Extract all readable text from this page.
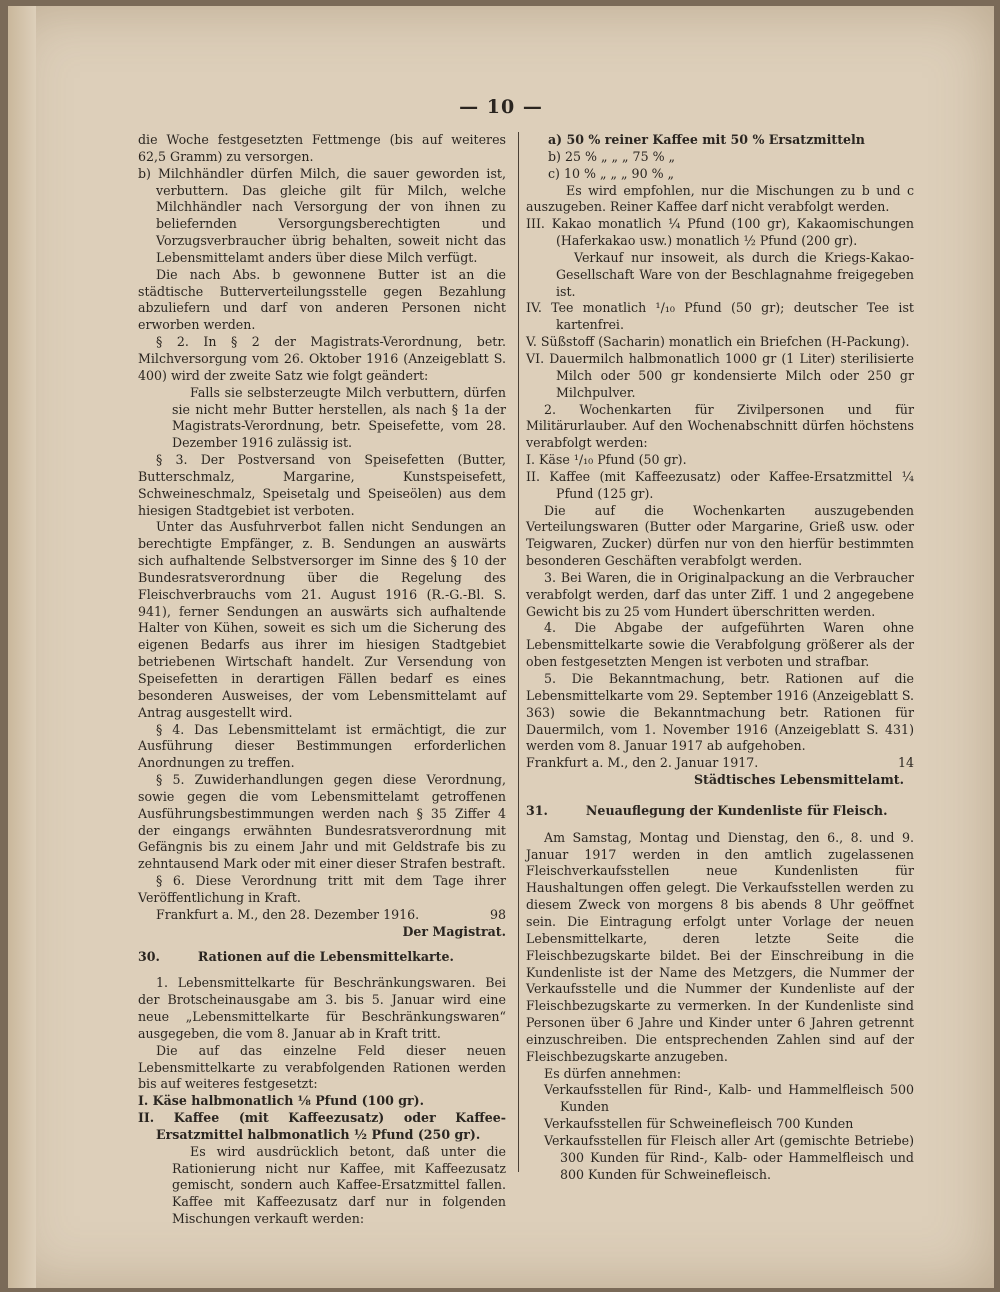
— 10 —

die Woche festgesetzten Fettmenge (bis auf weiteres 62,5 Gramm) zu versorgen.

b) Milchhändler dürfen Milch, die sauer geworden ist, verbuttern. Das gleiche gilt für Milch, welche Milchhändler nach Versorgung der von ihnen zu beliefernden Versorgungsberechtigten und Vorzugsverbraucher übrig behalten, soweit nicht das Lebensmittelamt anders über diese Milch verfügt.

Die nach Abs. b gewonnene Butter ist an die städtische Butterverteilungsstelle gegen Bezahlung abzuliefern und darf von anderen Personen nicht erworben werden.

§ 2. In § 2 der Magistrats-Verordnung, betr. Milchversorgung vom 26. Oktober 1916 (Anzeigeblatt S. 400) wird der zweite Satz wie folgt geändert:

Falls sie selbsterzeugte Milch verbuttern, dürfen sie nicht mehr Butter herstellen, als nach § 1a der Magistrats-Verordnung, betr. Speisefette, vom 28. Dezember 1916 zulässig ist.

§ 3. Der Postversand von Speisefetten (Butter, Butterschmalz, Margarine, Kunstspeisefett, Schweineschmalz, Speisetalg und Speiseölen) aus dem hiesigen Stadtgebiet ist verboten.

Unter das Ausfuhrverbot fallen nicht Sendungen an berechtigte Empfänger, z. B. Sendungen an auswärts sich aufhaltende Selbstversorger im Sinne des § 10 der Bundesratsverordnung über die Regelung des Fleischverbrauchs vom 21. August 1916 (R.-G.-Bl. S. 941), ferner Sendungen an auswärts sich aufhaltende Halter von Kühen, soweit es sich um die Sicherung des eigenen Bedarfs aus ihrer im hiesigen Stadtgebiet betriebenen Wirtschaft handelt. Zur Versendung von Speisefetten in derartigen Fällen bedarf es eines besonderen Ausweises, der vom Lebensmittelamt auf Antrag ausgestellt wird.

§ 4. Das Lebensmittelamt ist ermächtigt, die zur Ausführung dieser Bestimmungen erforderlichen Anordnungen zu treffen.

§ 5. Zuwiderhandlungen gegen diese Verordnung, sowie gegen die vom Lebensmittelamt getroffenen Ausführungsbestimmungen werden nach § 35 Ziffer 4 der eingangs erwähnten Bundesratsverordnung mit Gefängnis bis zu einem Jahr und mit Geldstrafe bis zu zehntausend Mark oder mit einer dieser Strafen bestraft.

§ 6. Diese Verordnung tritt mit dem Tage ihrer Veröffentlichung in Kraft.

Frankfurt a. M., den 28. Dezember 1916.	98

Der Magistrat.

30.	Rationen auf die Lebensmittelkarte.

1. Lebensmittelkarte für Beschränkungswaren. Bei der Brotscheinausgabe am 3. bis 5. Januar wird eine neue „Lebensmittelkarte für Beschränkungswaren“ ausgegeben, die vom 8. Januar ab in Kraft tritt.

Die auf das einzelne Feld dieser neuen Lebensmittelkarte zu verabfolgenden Rationen werden bis auf weiteres festgesetzt:

I. Käse halbmonatlich ⅛ Pfund (100 gr).

II. Kaffee (mit Kaffeezusatz) oder Kaffee-Ersatzmittel halbmonatlich ½ Pfund (250 gr).

Es wird ausdrücklich betont, daß unter die Rationierung nicht nur Kaffee, mit Kaffeezusatz gemischt, sondern auch Kaffee-Ersatzmittel fallen. Kaffee mit Kaffeezusatz darf nur in folgenden Mischungen verkauft werden:

a) 50 % reiner Kaffee mit 50 % Ersatzmitteln

b) 25 % „ „ „ 75 % „

c) 10 % „ „ „ 90 % „

Es wird empfohlen, nur die Mischungen zu b und c auszugeben. Reiner Kaffee darf nicht verabfolgt werden.

III. Kakao monatlich ¼ Pfund (100 gr), Kakaomischungen (Haferkakao usw.) monatlich ½ Pfund (200 gr).

Verkauf nur insoweit, als durch die Kriegs-Kakao-Gesellschaft Ware von der Beschlagnahme freigegeben ist.

IV. Tee monatlich ¹/₁₀ Pfund (50 gr); deutscher Tee ist kartenfrei.

V. Süßstoff (Sacharin) monatlich ein Briefchen (H-Packung).

VI. Dauermilch halbmonatlich 1000 gr (1 Liter) sterilisierte Milch oder 500 gr kondensierte Milch oder 250 gr Milchpulver.

2. Wochenkarten für Zivilpersonen und für Militärurlauber. Auf den Wochenabschnitt dürfen höchstens verabfolgt werden:

I. Käse ¹/₁₀ Pfund (50 gr).

II. Kaffee (mit Kaffeezusatz) oder Kaffee-Ersatzmittel ¼ Pfund (125 gr).

Die auf die Wochenkarten auszugebenden Verteilungswaren (Butter oder Margarine, Grieß usw. oder Teigwaren, Zucker) dürfen nur von den hierfür bestimmten besonderen Geschäften verabfolgt werden.

3. Bei Waren, die in Originalpackung an die Verbraucher verabfolgt werden, darf das unter Ziff. 1 und 2 angegebene Gewicht bis zu 25 vom Hundert überschritten werden.

4. Die Abgabe der aufgeführten Waren ohne Lebensmittelkarte sowie die Verabfolgung größerer als der oben festgesetzten Mengen ist verboten und strafbar.

5. Die Bekanntmachung, betr. Rationen auf die Lebensmittelkarte vom 29. September 1916 (Anzeigeblatt S. 363) sowie die Bekanntmachung betr. Rationen für Dauermilch, vom 1. November 1916 (Anzeigeblatt S. 431) werden vom 8. Januar 1917 ab aufgehoben.

Frankfurt a. M., den 2. Januar 1917.	14

Städtisches Lebensmittelamt.

31.	Neuauflegung der Kundenliste für Fleisch.

Am Samstag, Montag und Dienstag, den 6., 8. und 9. Januar 1917 werden in den amtlich zugelassenen Fleischverkaufsstellen neue Kundenlisten für Haushaltungen offen gelegt. Die Verkaufsstellen werden zu diesem Zweck von morgens 8 bis abends 8 Uhr geöffnet sein. Die Eintragung erfolgt unter Vorlage der neuen Lebensmittelkarte, deren letzte Seite die Fleischbezugskarte bildet. Bei der Einschreibung in die Kundenliste ist der Name des Metzgers, die Nummer der Verkaufsstelle und die Nummer der Kundenliste auf der Fleischbezugskarte zu vermerken. In der Kundenliste sind Personen über 6 Jahre und Kinder unter 6 Jahren getrennt einzuschreiben. Die entsprechenden Zahlen sind auf der Fleischbezugskarte anzugeben.

Es dürfen annehmen:

Verkaufsstellen für Rind-, Kalb- und Hammelfleisch 500 Kunden

Verkaufsstellen für Schweinefleisch 700 Kunden

Verkaufsstellen für Fleisch aller Art (gemischte Betriebe) 300 Kunden für Rind-, Kalb- oder Hammelfleisch und 800 Kunden für Schweinefleisch.
